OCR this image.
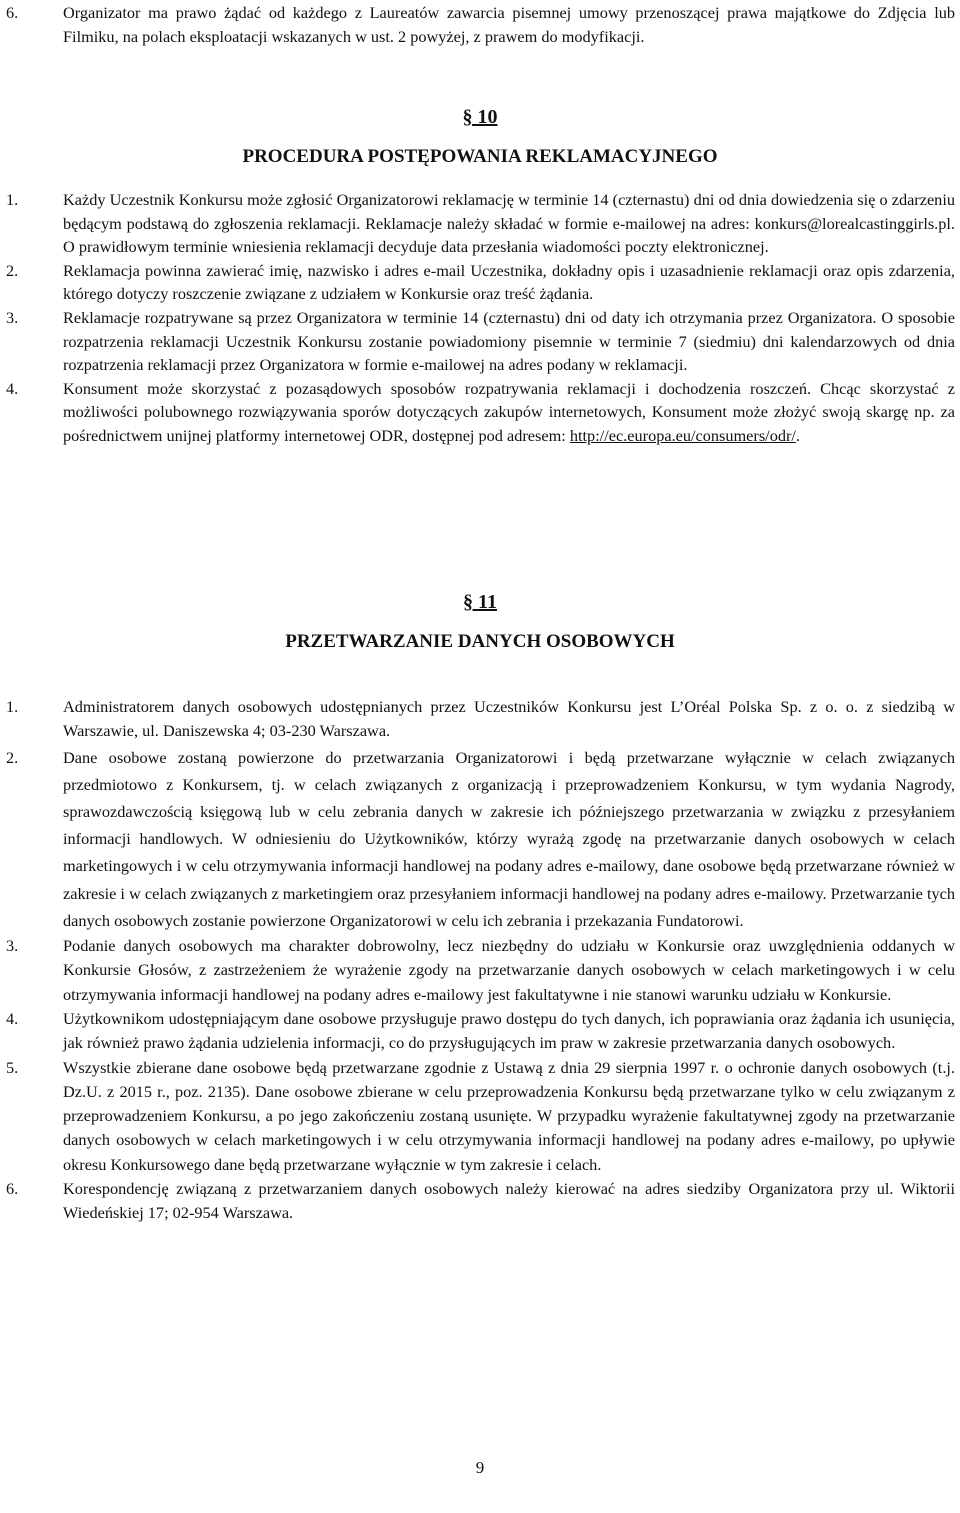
6.	Organizator ma prawo żądać od każdego z Laureatów zawarcia pisemnej umowy przenoszącej prawa majątkowe do Zdjęcia lub Filmiku, na polach eksploatacji wskazanych w ust. 2 powyżej, z prawem do modyfikacji.
§ 10
PROCEDURA POSTĘPOWANIA REKLAMACYJNEGO
1.	Każdy Uczestnik Konkursu może zgłosić Organizatorowi reklamację w terminie 14 (czternastu) dni od dnia dowiedzenia się o zdarzeniu będącym podstawą do zgłoszenia reklamacji. Reklamacje należy składać w formie e-mailowej na adres: konkurs@lorealcastinggirls.pl. O prawidłowym terminie wniesienia reklamacji decyduje data przesłania wiadomości poczty elektronicznej.
2.	Reklamacja powinna zawierać imię, nazwisko i adres e-mail Uczestnika, dokładny opis i uzasadnienie reklamacji oraz opis zdarzenia, którego dotyczy roszczenie związane z udziałem w Konkursie oraz treść żądania.
3.	Reklamacje rozpatrywane są przez Organizatora w terminie 14 (czternastu) dni od daty ich otrzymania przez Organizatora. O sposobie rozpatrzenia reklamacji Uczestnik Konkursu zostanie powiadomiony pisemnie w terminie 7 (siedmiu) dni kalendarzowych od dnia rozpatrzenia reklamacji przez Organizatora w formie e-mailowej na adres podany w reklamacji.
4.	Konsument może skorzystać z pozasądowych sposobów rozpatrywania reklamacji i dochodzenia roszczeń. Chcąc skorzystać z możliwości polubownego rozwiązywania sporów dotyczących zakupów internetowych, Konsument może złożyć swoją skargę np. za pośrednictwem unijnej platformy internetowej ODR, dostępnej pod adresem: http://ec.europa.eu/consumers/odr/.
§ 11
PRZETWARZANIE DANYCH OSOBOWYCH
1.	Administratorem danych osobowych udostępnianych przez Uczestników Konkursu jest L’Oréal Polska Sp. z o. o. z siedzibą w Warszawie, ul. Daniszewska 4; 03-230 Warszawa.
2.	Dane osobowe zostaną powierzone do przetwarzania Organizatorowi i będą przetwarzane wyłącznie w celach związanych przedmiotowo z Konkursem, tj. w celach związanych z organizacją i przeprowadzeniem Konkursu, w tym wydania Nagrody, sprawozdawczością księgową lub w celu zebrania danych w zakresie ich późniejszego przetwarzania w związku z przesyłaniem informacji handlowych. W odniesieniu do Użytkowników, którzy wyrażą zgodę na przetwarzanie danych osobowych w celach marketingowych i w celu otrzymywania informacji handlowej na podany adres e-mailowy, dane osobowe będą przetwarzane również w zakresie i w celach związanych z marketingiem oraz przesyłaniem informacji handlowej na podany adres e-mailowy. Przetwarzanie tych danych osobowych zostanie powierzone Organizatorowi w celu ich zebrania i przekazania Fundatorowi.
3.	Podanie danych osobowych ma charakter dobrowolny, lecz niezbędny do udziału w Konkursie oraz uwzględnienia oddanych w Konkursie Głosów, z zastrzeżeniem że wyrażenie zgody na przetwarzanie danych osobowych w celach marketingowych i w celu otrzymywania informacji handlowej na podany adres e-mailowy jest fakultatywne i nie stanowi warunku udziału w Konkursie.
4.	Użytkownikom udostępniającym dane osobowe przysługuje prawo dostępu do tych danych, ich poprawiania oraz żądania ich usunięcia, jak również prawo żądania udzielenia informacji, co do przysługujących im praw w zakresie przetwarzania danych osobowych.
5.	Wszystkie zbierane dane osobowe będą przetwarzane zgodnie z Ustawą z dnia 29 sierpnia 1997 r. o ochronie danych osobowych (t.j. Dz.U. z 2015 r., poz. 2135). Dane osobowe zbierane w celu przeprowadzenia Konkursu będą przetwarzane tylko w celu związanym z przeprowadzeniem Konkursu, a po jego zakończeniu zostaną usunięte. W przypadku wyrażenie fakultatywnej zgody na przetwarzanie danych osobowych w celach marketingowych i w celu otrzymywania informacji handlowej na podany adres e-mailowy, po upływie okresu Konkursowego dane będą przetwarzane wyłącznie w tym zakresie i celach.
6.	Korespondencję związaną z przetwarzaniem danych osobowych należy kierować na adres siedziby Organizatora przy ul. Wiktorii Wiedeńskiej 17; 02-954 Warszawa.
9
